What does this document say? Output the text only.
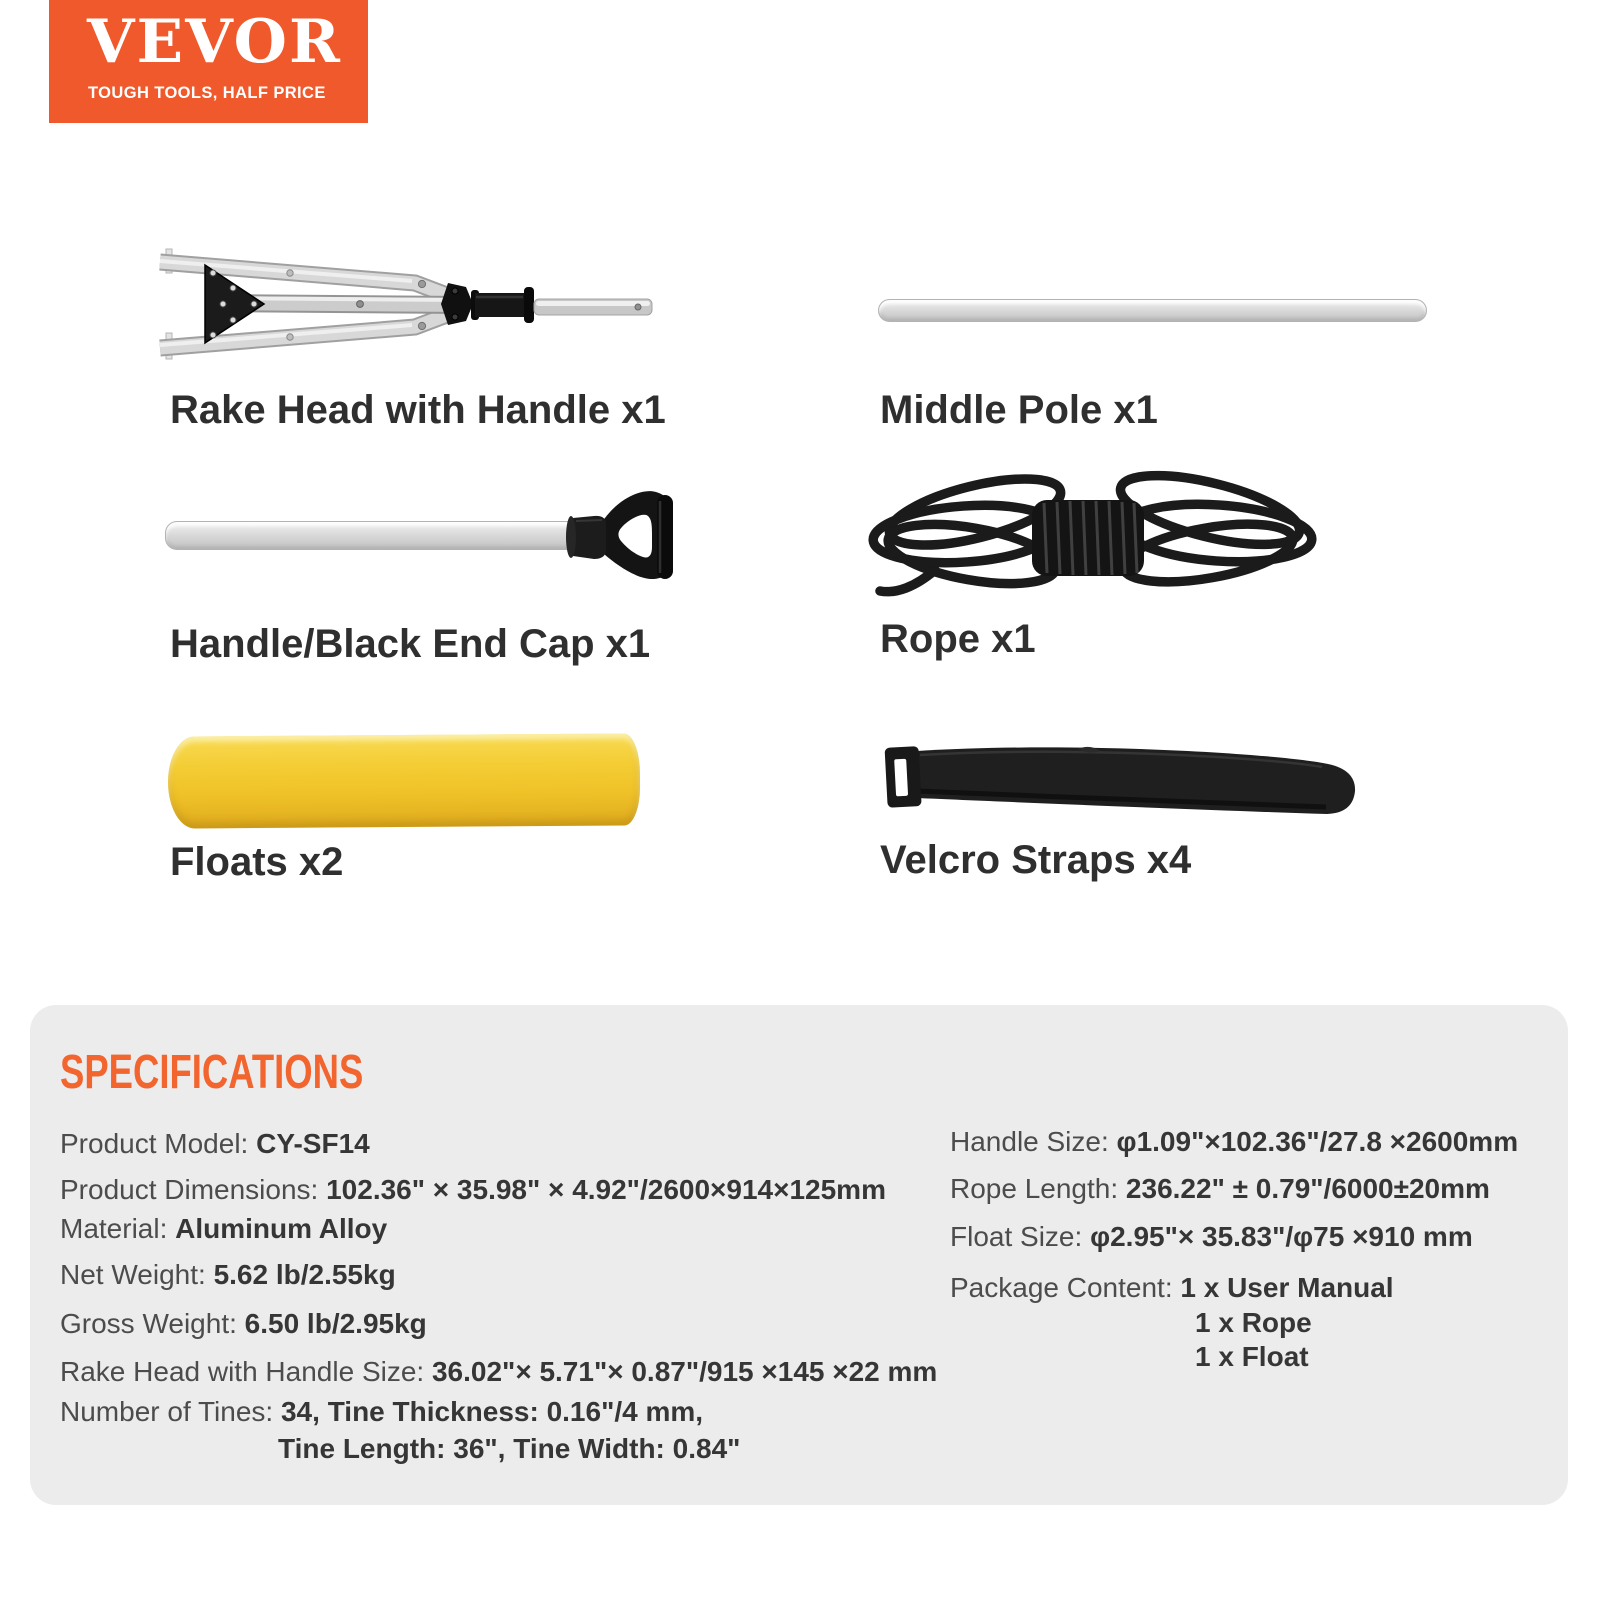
VEVOR
TOUGH TOOLS, HALF PRICE
Rake Head with Handle x1	Middle Pole x1
Handle/Black End Cap x1	Rope x1
Floats x2	Velcro Straps x4
SPECIFICATIONS
Product Model: CY-SF14
Product Dimensions: 102.36" × 35.98" × 4.92"/2600×914×125mm
Material: Aluminum Alloy
Net Weight: 5.62 lb/2.55kg
Gross Weight: 6.50 lb/2.95kg
Rake Head with Handle Size: 36.02"× 5.71"× 0.87"/915 ×145 ×22 mm
Number of Tines: 34, Tine Thickness: 0.16"/4 mm,
Tine Length: 36", Tine Width: 0.84"
Handle Size: φ1.09"×102.36"/27.8 ×2600mm
Rope Length: 236.22" ± 0.79"/6000±20mm
Float Size: φ2.95"× 35.83"/φ75 ×910 mm
Package Content: 1 x User Manual
1 x Rope
1 x Float
